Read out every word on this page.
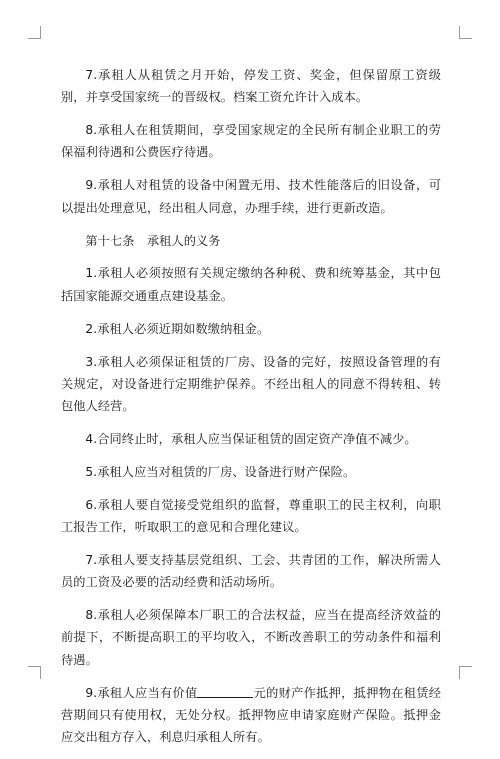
7.承租人从租赁之月开始，停发工资、奖金，但保留原工资级别，并享受国家统一的晋级权。档案工资允许计入成本。

8.承租人在租赁期间，享受国家规定的全民所有制企业职工的劳保福利待遇和公费医疗待遇。

9.承租人对租赁的设备中闲置无用、技术性能落后的旧设备，可以提出处理意见，经出租人同意，办理手续，进行更新改造。

第十七条　承租人的义务

1.承租人必须按照有关规定缴纳各种税、费和统筹基金，其中包括国家能源交通重点建设基金。

2.承租人必须近期如数缴纳租金。

3.承租人必须保证租赁的厂房、设备的完好，按照设备管理的有关规定，对设备进行定期维护保养。不经出租人的同意不得转租、转包他人经营。

4.合同终止时，承租人应当保证租赁的固定资产净值不减少。

5.承租人应当对租赁的厂房、设备进行财产保险。

6.承租人要自觉接受党组织的监督，尊重职工的民主权利，向职工报告工作，听取职工的意见和合理化建议。

7.承租人要支持基层党组织、工会、共青团的工作，解决所需人员的工资及必要的活动经费和活动场所。

8.承租人必须保障本厂职工的合法权益，应当在提高经济效益的前提下，不断提高职工的平均收入，不断改善职工的劳动条件和福利待遇。

9.承租人应当有价值	元的财产作抵押，抵押物在租赁经营期间只有使用权，无处分权。抵押物应申请家庭财产保险。抵押金应交出租方存入，利息归承租人所有。
